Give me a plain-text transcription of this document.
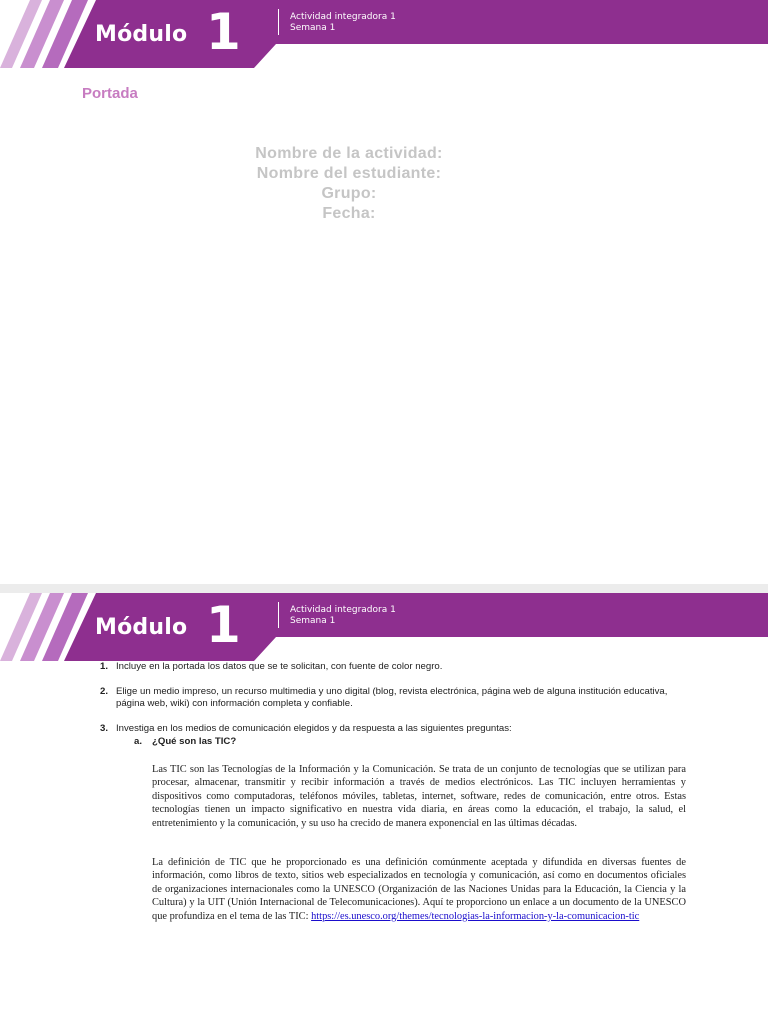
Módulo 1	Actividad integradora 1
Semana 1
Portada
Nombre de la actividad:
Nombre del estudiante:
Grupo:
Fecha:
Módulo 1	Actividad integradora 1
Semana 1
1. Incluye en la portada los datos que se te solicitan, con fuente de color negro.
2. Elige un medio impreso, un recurso multimedia y uno digital (blog, revista electrónica, página web de alguna institución educativa, página web, wiki) con información completa y confiable.
3. Investiga en los medios de comunicación elegidos y da respuesta a las siguientes preguntas:
a. ¿Qué son las TIC?
Las TIC son las Tecnologías de la Información y la Comunicación. Se trata de un conjunto de tecnologías que se utilizan para procesar, almacenar, transmitir y recibir información a través de medios electrónicos. Las TIC incluyen herramientas y dispositivos como computadoras, teléfonos móviles, tabletas, internet, software, redes de comunicación, entre otros. Estas tecnologías tienen un impacto significativo en nuestra vida diaria, en áreas como la educación, el trabajo, la salud, el entretenimiento y la comunicación, y su uso ha crecido de manera exponencial en las últimas décadas.
La definición de TIC que he proporcionado es una definición comúnmente aceptada y difundida en diversas fuentes de información, como libros de texto, sitios web especializados en tecnología y comunicación, así como en documentos oficiales de organizaciones internacionales como la UNESCO (Organización de las Naciones Unidas para la Educación, la Ciencia y la Cultura) y la UIT (Unión Internacional de Telecomunicaciones). Aquí te proporciono un enlace a un documento de la UNESCO que profundiza en el tema de las TIC: https://es.unesco.org/themes/tecnologias-la-informacion-y-la-comunicacion-tic
